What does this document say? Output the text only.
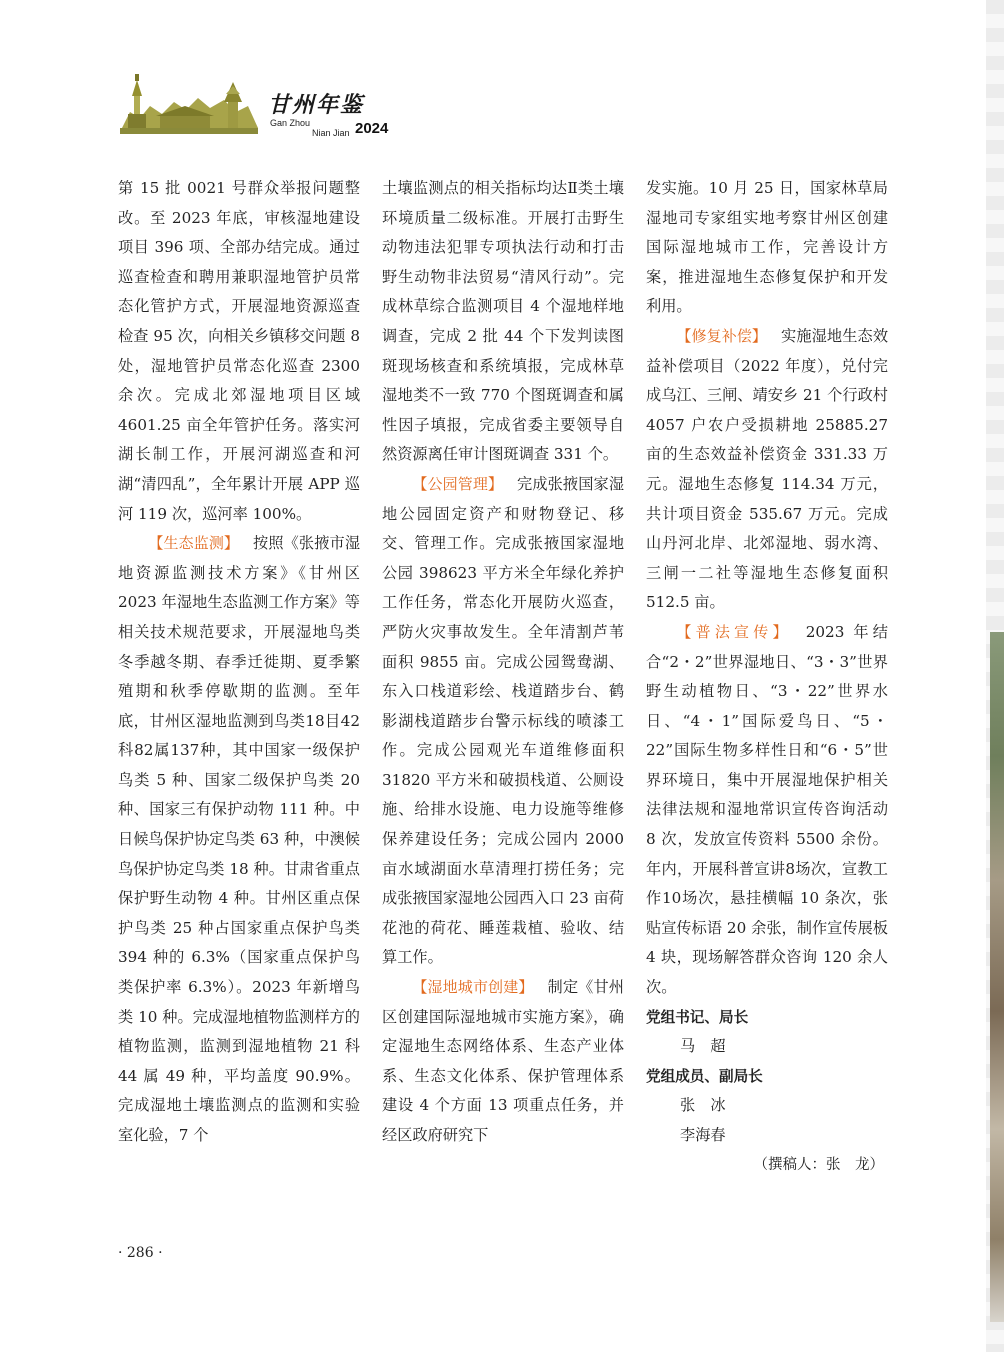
甘州年鉴
Gan Zhou
Nian Jian 2024

第 15 批 0021 号群众举报问题整改。至 2023 年底，审核湿地建设项目 396 项、全部办结完成。通过巡查检查和聘用兼职湿地管护员常态化管护方式，开展湿地资源巡查检查 95 次，向相关乡镇移交问题 8 处，湿地管护员常态化巡查 2300 余次。完成北郊湿地项目区域 4601.25 亩全年管护任务。落实河湖长制工作，开展河湖巡查和河湖“清四乱”，全年累计开展 APP 巡河 119 次，巡河率 100%。

【生态监测】 按照《张掖市湿地资源监测技术方案》《甘州区 2023 年湿地生态监测工作方案》等相关技术规范要求，开展湿地鸟类冬季越冬期、春季迁徙期、夏季繁殖期和秋季停歇期的监测。至年底，甘州区湿地监测到鸟类18目42科82属137种，其中国家一级保护鸟类 5 种、国家二级保护鸟类 20 种、国家三有保护动物 111 种。中日候鸟保护协定鸟类 63 种，中澳候鸟保护协定鸟类 18 种。甘肃省重点保护野生动物 4 种。甘州区重点保护鸟类 25 种占国家重点保护鸟类 394 种的 6.3%（国家重点保护鸟类保护率 6.3%）。2023 年新增鸟类 10 种。完成湿地植物监测样方的植物监测，监测到湿地植物 21 科 44 属 49 种，平均盖度 90.9%。完成湿地土壤监测点的监测和实验室化验，7 个

土壤监测点的相关指标均达Ⅱ类土壤环境质量二级标准。开展打击野生动物违法犯罪专项执法行动和打击野生动物非法贸易“清风行动”。完成林草综合监测项目 4 个湿地样地调查，完成 2 批 44 个下发判读图斑现场核查和系统填报，完成林草湿地类不一致 770 个图斑调查和属性因子填报，完成省委主要领导自然资源离任审计图斑调查 331 个。

【公园管理】 完成张掖国家湿地公园固定资产和财物登记、移交、管理工作。完成张掖国家湿地公园 398623 平方米全年绿化养护工作任务，常态化开展防火巡查，严防火灾事故发生。全年清割芦苇面积 9855 亩。完成公园鸳鸯湖、东入口栈道彩绘、栈道踏步台、鹤影湖栈道踏步台警示标线的喷漆工作。完成公园观光车道维修面积 31820 平方米和破损栈道、公厕设施、给排水设施、电力设施等维修保养建设任务；完成公园内 2000 亩水域湖面水草清理打捞任务；完成张掖国家湿地公园西入口 23 亩荷花池的荷花、睡莲栽植、验收、结算工作。

【湿地城市创建】 制定《甘州区创建国际湿地城市实施方案》，确定湿地生态网络体系、生态产业体系、生态文化体系、保护管理体系建设 4 个方面 13 项重点任务，并经区政府研究下

发实施。10 月 25 日，国家林草局湿地司专家组实地考察甘州区创建国际湿地城市工作，完善设计方案，推进湿地生态修复保护和开发利用。

【修复补偿】 实施湿地生态效益补偿项目（2022 年度），兑付完成乌江、三闸、靖安乡 21 个行政村 4057 户农户受损耕地 25885.27 亩的生态效益补偿资金 331.33 万元。湿地生态修复 114.34 万元，共计项目资金 535.67 万元。完成山丹河北岸、北郊湿地、弱水湾、三闸一二社等湿地生态修复面积 512.5 亩。

【普法宣传】 2023 年结合“2・2”世界湿地日、“3・3”世界野生动植物日、“3・22”世界水日、“4・1”国际爱鸟日、“5・22”国际生物多样性日和“6・5”世界环境日，集中开展湿地保护相关法律法规和湿地常识宣传咨询活动 8 次，发放宣传资料 5500 余份。年内，开展科普宣讲8场次，宣教工作10场次，悬挂横幅 10 条次，张贴宣传标语 20 余张，制作宣传展板 4 块，现场解答群众咨询 120 余人次。

党组书记、局长

马　超

党组成员、副局长

张　冰

李海春

（撰稿人：张　龙）

· 286 ·
